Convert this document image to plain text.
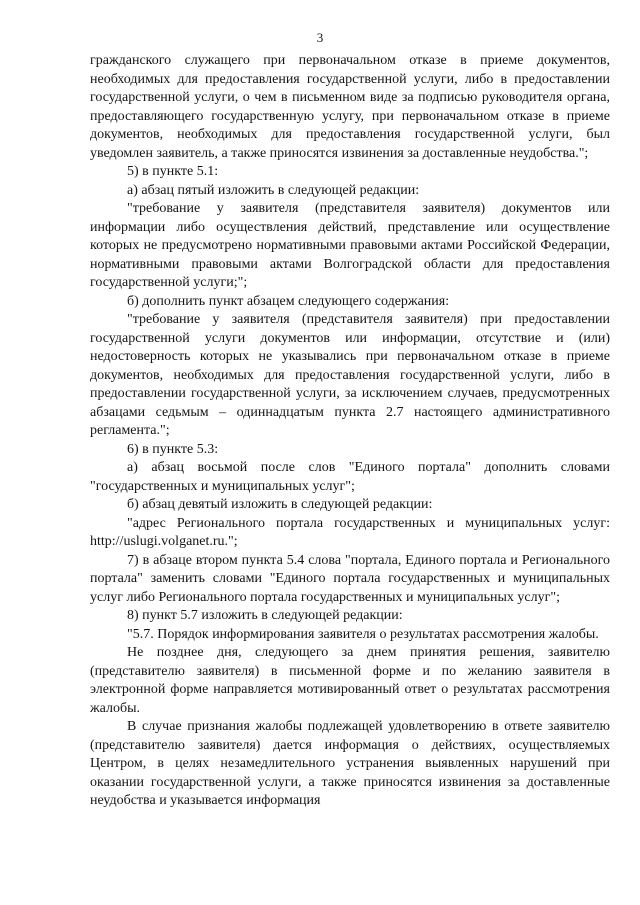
3
гражданского служащего при первоначальном отказе в приеме документов, необходимых для предоставления государственной услуги, либо в предоставлении государственной услуги, о чем в письменном виде за подписью руководителя органа, предоставляющего государственную услугу, при первоначальном отказе в приеме документов, необходимых для предоставления государственной услуги, был уведомлен заявитель, а также приносятся извинения за доставленные неудобства.";
5) в пункте 5.1:
а) абзац пятый изложить в следующей редакции:
"требование у заявителя (представителя заявителя) документов или информации либо осуществления действий, представление или осуществление которых не предусмотрено нормативными правовыми актами Российской Федерации, нормативными правовыми актами Волгоградской области для предоставления государственной услуги;";
б) дополнить пункт абзацем следующего содержания:
"требование у заявителя (представителя заявителя) при предоставлении государственной услуги документов или информации, отсутствие и (или) недостоверность которых не указывались при первоначальном отказе в приеме документов, необходимых для предоставления государственной услуги, либо в предоставлении государственной услуги, за исключением случаев, предусмотренных абзацами седьмым – одиннадцатым пункта 2.7 настоящего административного регламента.";
6) в пункте 5.3:
а) абзац восьмой после слов "Единого портала" дополнить словами "государственных и муниципальных услуг";
б) абзац девятый изложить в следующей редакции:
"адрес Регионального портала государственных и муниципальных услуг: http://uslugi.volganet.ru.";
7) в абзаце втором пункта 5.4 слова "портала, Единого портала и Регионального портала" заменить словами "Единого портала государственных и муниципальных услуг либо Регионального портала государственных и муниципальных услуг";
8) пункт 5.7 изложить в следующей редакции:
"5.7. Порядок информирования заявителя о результатах рассмотрения жалобы.
Не позднее дня, следующего за днем принятия решения, заявителю (представителю заявителя) в письменной форме и по желанию заявителя в электронной форме направляется мотивированный ответ о результатах рассмотрения жалобы.
В случае признания жалобы подлежащей удовлетворению в ответе заявителю (представителю заявителя) дается информация о действиях, осуществляемых Центром, в целях незамедлительного устранения выявленных нарушений при оказании государственной услуги, а также приносятся извинения за доставленные неудобства и указывается информация
